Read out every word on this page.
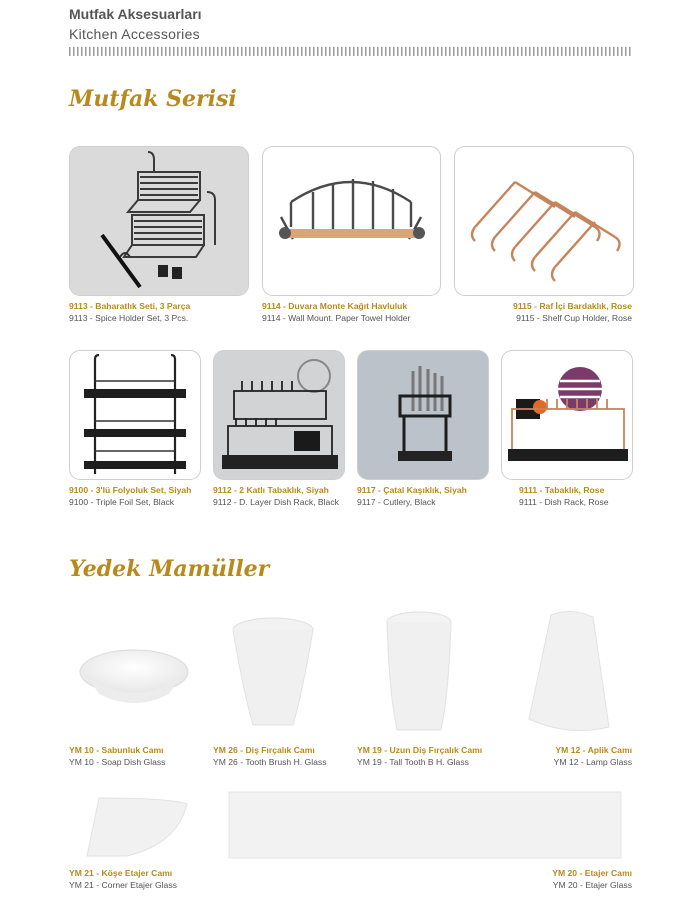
Mutfak Aksesuarları
Kitchen Accessories
Mutfak Serisi
9113 - Baharatlık Seti, 3 Parça
9113 - Spice Holder Set, 3 Pcs.
9114 - Duvara Monte Kağıt Havluluk
9114 - Wall Mount. Paper Towel Holder
9115 - Raf İçi Bardaklık, Rose
9115 - Shelf Cup Holder, Rose
9100 - 3'lü Folyoluk Set, Siyah
9100 - Triple Foil Set, Black
9112 - 2 Katlı Tabaklık, Siyah
9112 - D. Layer Dish Rack, Black
9117 - Çatal Kaşıklık, Siyah
9117 - Cutlery, Black
9111 - Tabaklık, Rose
9111 - Dish Rack, Rose
Yedek Mamüller
YM 10 - Sabunluk Camı
YM 10 - Soap Dish Glass
YM 26 - Diş Fırçalık Camı
YM 26 - Tooth Brush H. Glass
YM 19 - Uzun Diş Fırçalık Camı
YM 19 - Tall Tooth B H. Glass
YM 12 - Aplik Camı
YM 12 - Lamp Glass
YM 21 - Köşe Etajer Camı
YM 21 - Corner Etajer Glass
YM 20 - Etajer Camı
YM 20 - Etajer Glass
